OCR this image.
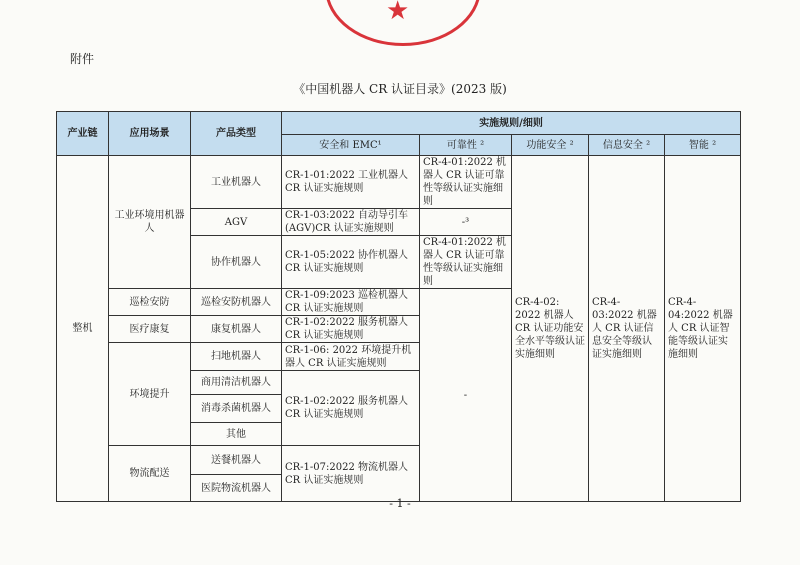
★
附件
《中国机器人 CR 认证目录》(2023 版)
产业链	应用场景	产品类型	实施规则/细则				
			安全和 EMC¹	可靠性 ²	功能安全 ²	信息安全 ²	智能 ²
整机	工业环境用机器人	工业机器人	CR-1-01:2022 工业机器人 CR 认证实施规则	CR-4-01:2022 机器人 CR 认证可靠性等级认证实施细则	CR-4-02: 2022 机器人 CR 认证功能安全水平等级认证实施细则	CR-4-03:2022 机器人 CR 认证信息安全等级认证实施细则	CR-4-04:2022 机器人 CR 认证智能等级认证实施细则
		AGV	CR-1-03:2022 自动导引车(AGV)CR 认证实施规则	-³			
		协作机器人	CR-1-05:2022 协作机器人 CR 认证实施规则	CR-4-01:2022 机器人 CR 认证可靠性等级认证实施细则			
	巡检安防	巡检安防机器人	CR-1-09:2023 巡检机器人 CR 认证实施规则	-			
	医疗康复	康复机器人	CR-1-02:2022 服务机器人 CR 认证实施规则				
	环境提升	扫地机器人	CR-1-06: 2022 环境提升机器人 CR 认证实施规则				
		商用清洁机器人	CR-1-02:2022 服务机器人 CR 认证实施规则				
		消毒杀菌机器人					
		其他					
	物流配送	送餐机器人	CR-1-07:2022 物流机器人 CR 认证实施规则				
		医院物流机器人					
- 1 -
